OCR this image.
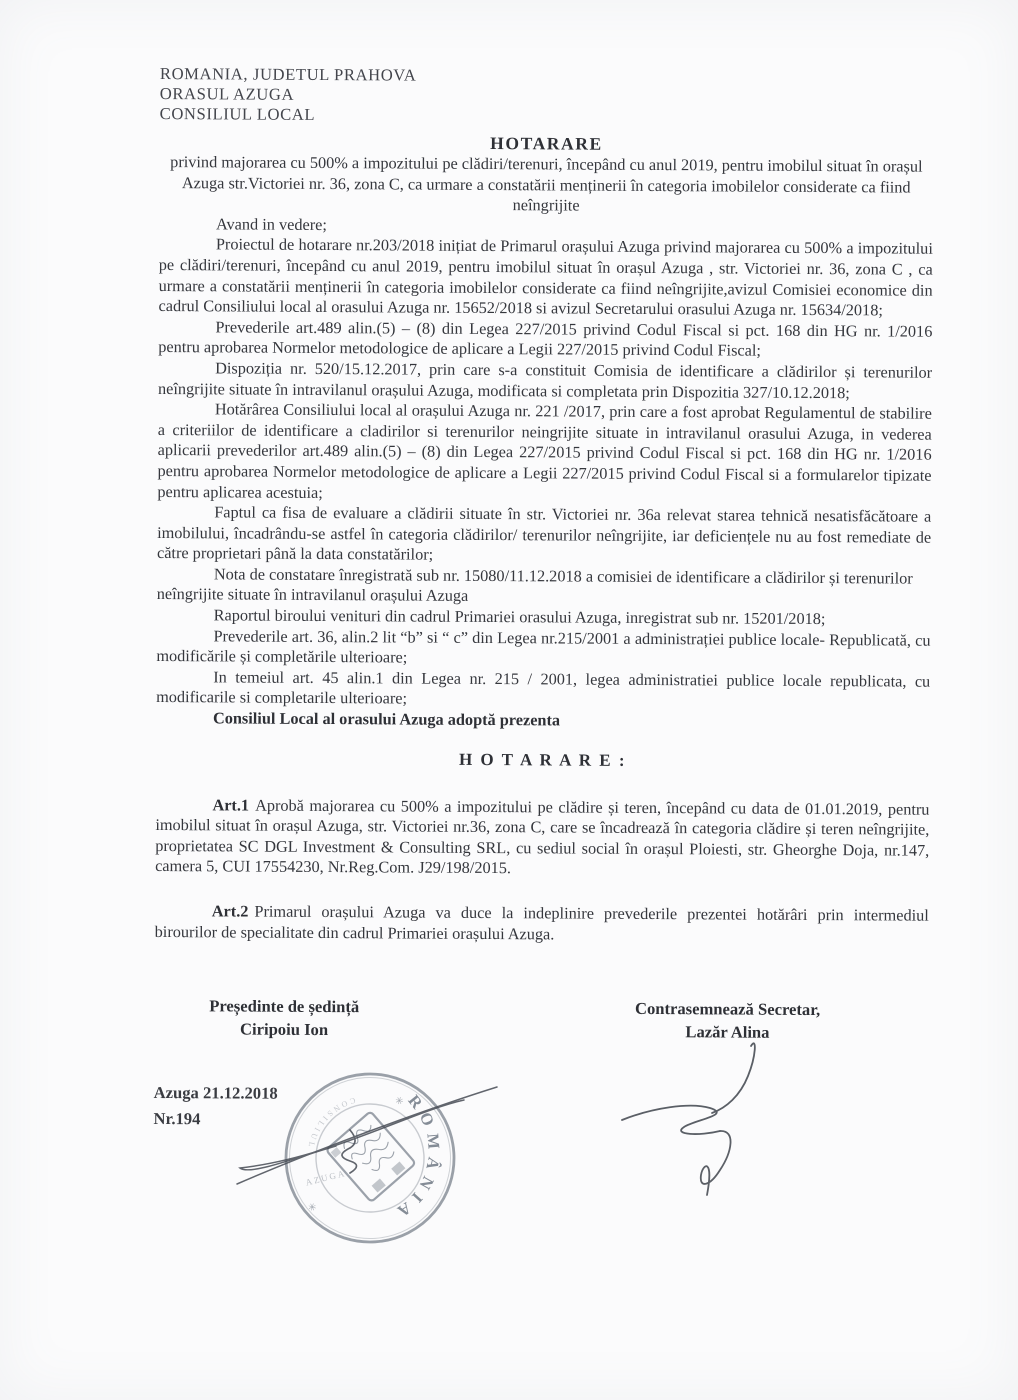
ROMANIA, JUDETUL PRAHOVA

ORASUL AZUGA

CONSILIUL LOCAL

HOTARARE

privind majorarea cu 500% a impozitului pe clădiri/terenuri, începând cu anul 2019, pentru imobilul situat în orașul Azuga str.Victoriei nr. 36, zona C, ca urmare a constatării menținerii în categoria imobilelor considerate ca fiind neîngrijite

Avand in vedere;

Proiectul de hotarare nr.203/2018 inițiat de Primarul orașului Azuga privind majorarea cu 500% a impozitului pe clădiri/terenuri, începând cu anul 2019, pentru imobilul situat în orașul Azuga , str. Victoriei nr. 36, zona C , ca urmare a constatării menținerii în categoria imobilelor considerate ca fiind neîngrijite,avizul Comisiei economice din cadrul Consiliului local al orasului Azuga nr. 15652/2018 si avizul Secretarului orasului Azuga nr. 15634/2018;

Prevederile art.489 alin.(5) – (8) din Legea 227/2015 privind Codul Fiscal si pct. 168 din HG nr. 1/2016 pentru aprobarea Normelor metodologice de aplicare a Legii 227/2015 privind Codul Fiscal;

Dispoziția nr. 520/15.12.2017, prin care s-a constituit Comisia de identificare a clădirilor și terenurilor neîngrijite situate în intravilanul orașului Azuga, modificata si completata prin Dispozitia 327/10.12.2018;

Hotărârea Consiliului local al orașului Azuga nr. 221 /2017, prin care a fost aprobat Regulamentul de stabilire a criteriilor de identificare a cladirilor si terenurilor neingrijite situate in intravilanul orasului Azuga, in vederea aplicarii prevederilor art.489 alin.(5) – (8) din Legea 227/2015 privind Codul Fiscal si pct. 168 din HG nr. 1/2016 pentru aprobarea Normelor metodologice de aplicare a Legii 227/2015 privind Codul Fiscal si a formularelor tipizate pentru aplicarea acestuia;

Faptul ca fisa de evaluare a clădirii situate în str. Victoriei nr. 36a relevat starea tehnică nesatisfăcătoare a imobilului, încadrându-se astfel în categoria clădirilor/ terenurilor neîngrijite, iar deficiențele nu au fost remediate de către proprietari până la data constatărilor;

Nota de constatare înregistrată sub nr. 15080/11.12.2018 a comisiei de identificare a clădirilor și terenurilor neîngrijite situate în intravilanul orașului Azuga

Raportul biroului venituri din cadrul Primariei orasului Azuga, inregistrat sub nr. 15201/2018;

Prevederile art. 36, alin.2 lit “b” si “ c” din Legea nr.215/2001 a administrației publice locale- Republicată, cu modificările și completările ulterioare;

In temeiul art. 45 alin.1 din Legea nr. 215 / 2001, legea administratiei publice locale republicata, cu modificarile si completarile ulterioare;

Consiliul Local al orasului Azuga adoptă prezenta

H O T A R A R E :

Art.1 Aprobă majorarea cu 500% a impozitului pe clădire și teren, începând cu data de 01.01.2019, pentru imobilul situat în orașul Azuga, str. Victoriei nr.36, zona C, care se încadrează în categoria clădire și teren neîngrijite, proprietatea SC DGL Investment & Consulting SRL, cu sediul social în orașul Ploiesti, str. Gheorghe Doja, nr.147, camera 5, CUI 17554230, Nr.Reg.Com. J29/198/2015.

Art.2 Primarul orașului Azuga va duce la indeplinire prevederile prezentei hotărâri prin intermediul birourilor de specialitate din cadrul Primariei orașului Azuga.

Președinte de ședință
Ciripoiu Ion
Contrasemnează Secretar,
Lazăr Alina

Azuga 21.12.2018

Nr.194

ROMÂNIA
CONSILIUL LOCAL
AZUGA
✳
✳
